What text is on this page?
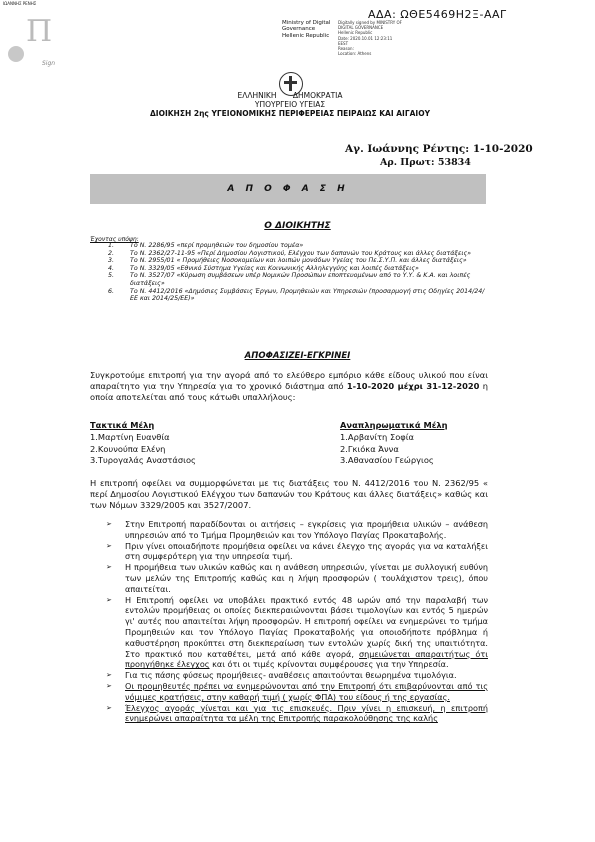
ΙΩΑΝΝΗΣ ΡΕΝΗΣ
Π
Sign
ΑΔΑ: ΩΘΕ5469Η2Ξ-ΑΑΓ
Ministry of Digital
Governance
Hellenic Republic
Digitally signed by MINISTRY OF
DIGITAL GOVERNANCE
Hellenic Republic
Date: 2020.10.01 12:23:11
EEST
Reason:
Location: Athens
ΕΛΛΗΝΙΚΗ ΔΗΜΟΚΡΑΤΙΑ
ΥΠΟΥΡΓΕΙΟ ΥΓΕΙΑΣ
ΔΙΟΙΚΗΣΗ 2ης ΥΓΕΙΟΝΟΜΙΚΗΣ ΠΕΡΙΦΕΡΕΙΑΣ ΠΕΙΡΑΙΩΣ ΚΑΙ ΑΙΓΑΙΟΥ
Αγ. Ιωάννης Ρέντης: 1-10-2020
Αρ. Πρωτ: 53834
Α Π Ο Φ Α Σ Η
Ο ΔΙΟΙΚΗΤΗΣ
Έχοντας υπόψη:
1.	Το Ν. 2286/95 «περί προμηθειών του δημοσίου τομέα»
2.	Το Ν. 2362/27-11-95 «Περί Δημοσίου Λογιστικού, Ελέγχου των δαπανών του Κράτους και άλλες διατάξεις»
3.	Το Ν. 2955/01 « Προμήθειες Νοσοκομείων και λοιπών μονάδων Υγείας του Πε.Σ.Υ.Π. και άλλες διατάξεις»
4.	Το Ν. 3329/05 «Εθνικό Σύστημα Υγείας και Κοινωνικής Αλληλεγγύης και λοιπές διατάξεις»
5.	Το Ν. 3527/07 «Κύρωση συμβάσεων υπέρ Νομικών Προσώπων εποπτευομένων από το Υ.Υ. & Κ.Α. και λοιπές διατάξεις»
6.	Το Ν. 4412/2016 «Δημόσιες Συμβάσεις Έργων, Προμηθειών και Υπηρεσιών (προσαρμογή στις Οδηγίες 2014/24/ΕΕ και 2014/25/ΕΕ)»
ΑΠΟΦΑΣΙΖΕΙ-ΕΓΚΡΙΝΕΙ
Συγκροτούμε επιτροπή για την αγορά από το ελεύθερο εμπόριο κάθε είδους υλικού που είναι απαραίτητο για την Υπηρεσία για το χρονικό διάστημα από 1-10-2020 μέχρι 31-12-2020 η οποία αποτελείται από τους κάτωθι υπαλλήλους:
Τακτικά Μέλη
1.Μαρτίνη Ευανθία
2.Κουνούπα Ελένη
3.Τυρογαλάς Αναστάσιος
Αναπληρωματικά Μέλη
1.Αρβανίτη Σοφία
2.Γκιόκα Άννα
3.Αθανασίου Γεώργιος
Η επιτροπή οφείλει να συμμορφώνεται με τις διατάξεις του Ν. 4412/2016 του Ν. 2362/95 « περί Δημοσίου Λογιστικού Ελέγχου των δαπανών του Κράτους και άλλες διατάξεις» καθώς και των Νόμων 3329/2005 και 3527/2007.
➢	Στην Επιτροπή παραδίδονται οι αιτήσεις – εγκρίσεις για προμήθεια υλικών – ανάθεση υπηρεσιών από το Τμήμα Προμηθειών και τον Υπόλογο Παγίας Προκαταβολής.
➢	Πριν γίνει οποιαδήποτε προμήθεια οφείλει να κάνει έλεγχο της αγοράς για να καταλήξει στη συμφερότερη για την υπηρεσία τιμή.
➢	Η προμήθεια των υλικών καθώς και η ανάθεση υπηρεσιών, γίνεται με συλλογική ευθύνη των μελών της Επιτροπής καθώς και η λήψη προσφορών ( τουλάχιστον τρεις), όπου απαιτείται.
➢	Η Επιτροπή οφείλει να υποβάλει πρακτικό εντός 48 ωρών από την παραλαβή των εντολών προμήθειας οι οποίες διεκπεραιώνονται βάσει τιμολογίων και εντός 5 ημερών γι' αυτές που απαιτείται λήψη προσφορών. Η επιτροπή οφείλει να ενημερώνει το τμήμα Προμηθειών και τον Υπόλογο Παγίας Προκαταβολής για οποιοδήποτε πρόβλημα ή καθυστέρηση προκύπτει στη διεκπεραίωση των εντολών χωρίς δική της υπαιτιότητα. Στο πρακτικό που καταθέτει, μετά από κάθε αγορά, σημειώνεται απαραιτήτως ότι προηγήθηκε έλεγχος και ότι οι τιμές κρίνονται συμφέρουσες για την Υπηρεσία.
➢	Για τις πάσης φύσεως προμήθειες- αναθέσεις απαιτούνται θεωρημένα τιμολόγια.
➢	Οι προμηθευτές πρέπει να ενημερώνονται από την Επιτροπή ότι επιβαρύνονται από τις νόμιμες κρατήσεις, στην καθαρή τιμή ( χωρίς ΦΠΑ) του είδους ή της εργασίας.
➢	Έλεγχος αγοράς γίνεται και για τις επισκευές. Πριν γίνει η επισκευή, η επιτροπή ενημερώνει απαραίτητα τα μέλη της Επιτροπής παρακολούθησης της καλής
